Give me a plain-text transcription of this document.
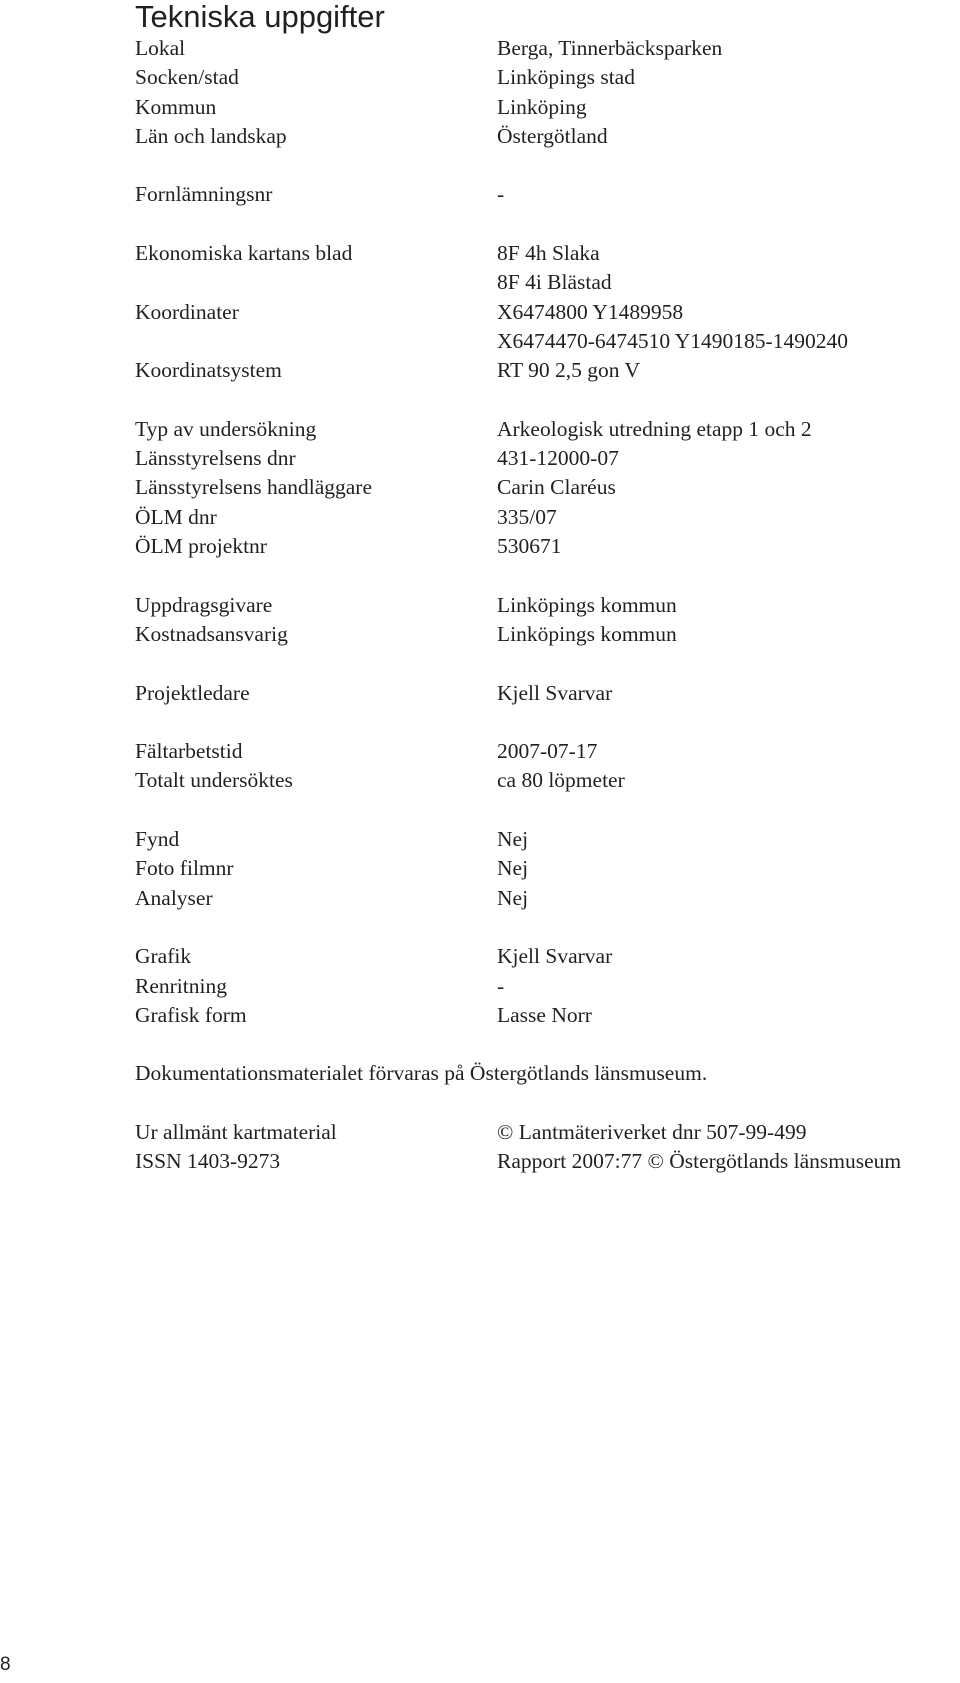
Tekniska uppgifter
Lokal	Berga, Tinnerbäcksparken
Socken/stad	Linköpings stad
Kommun	Linköping
Län och landskap	Östergötland
Fornlämningsnr	-
Ekonomiska kartans blad	8F 4h Slaka
8F 4i Blästad
Koordinater	X6474800 Y1489958
X6474470-6474510 Y1490185-1490240
Koordinatsystem	RT 90 2,5 gon V
Typ av undersökning	Arkeologisk utredning etapp 1 och 2
Länsstyrelsens dnr	431-12000-07
Länsstyrelsens handläggare	Carin Claréus
ÖLM dnr	335/07
ÖLM projektnr	530671
Uppdragsgivare	Linköpings kommun
Kostnadsansvarig	Linköpings kommun
Projektledare	Kjell Svarvar
Fältarbetstid	2007-07-17
Totalt undersöktes	ca 80 löpmeter
Fynd	Nej
Foto filmnr	Nej
Analyser	Nej
Grafik	Kjell Svarvar
Renritning	-
Grafisk form	Lasse Norr
Dokumentationsmaterialet förvaras på Östergötlands länsmuseum.
Ur allmänt kartmaterial	© Lantmäteriverket dnr 507-99-499
ISSN 1403-9273	Rapport 2007:77 © Östergötlands länsmuseum
8
